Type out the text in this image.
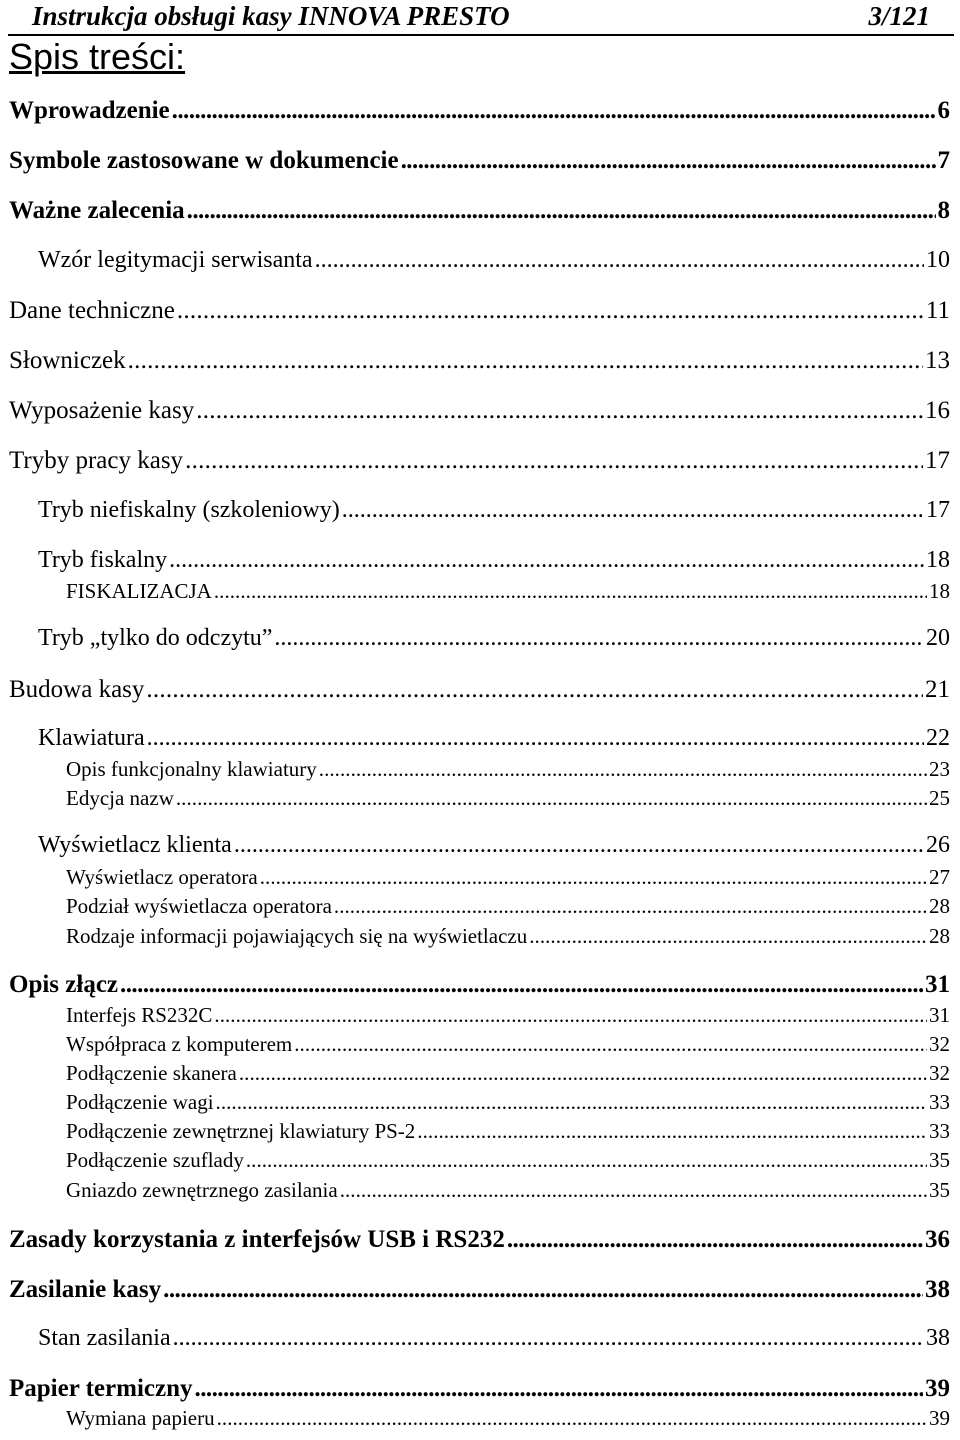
Instrukcja obsługi kasy INNOVA PRESTO	3/121
Spis treści:
Wprowadzenie . . .	6
Symbole zastosowane w dokumencie . . .	7
Ważne zalecenia . . .	8
Wzór legitymacji serwisanta . . .	10
Dane techniczne . . .	11
Słowniczek . . .	13
Wyposażenie kasy . . .	16
Tryby pracy kasy . . .	17
Tryb niefiskalny (szkoleniowy) . . .	17
Tryb fiskalny . . .	18
FISKALIZACJA . . .	18
Tryb „tylko do odczytu” . . .	20
Budowa kasy . . .	21
Klawiatura . . .	22
Opis funkcjonalny klawiatury . . .	23
Edycja nazw . . .	25
Wyświetlacz klienta . . .	26
Wyświetlacz operatora . . .	27
Podział wyświetlacza operatora . . .	28
Rodzaje informacji pojawiających się na wyświetlaczu . . .	28
Opis złącz . . .	31
Interfejs RS232C . . .	31
Współpraca z komputerem . . .	32
Podłączenie skanera . . .	32
Podłączenie wagi . . .	33
Podłączenie zewnętrznej klawiatury PS-2 . . .	33
Podłączenie szuflady . . .	35
Gniazdo zewnętrznego zasilania . . .	35
Zasady korzystania z interfejsów USB i RS232 . . .	36
Zasilanie kasy . . .	38
Stan zasilania . . .	38
Papier termiczny . . .	39
Wymiana papieru . . .	39
